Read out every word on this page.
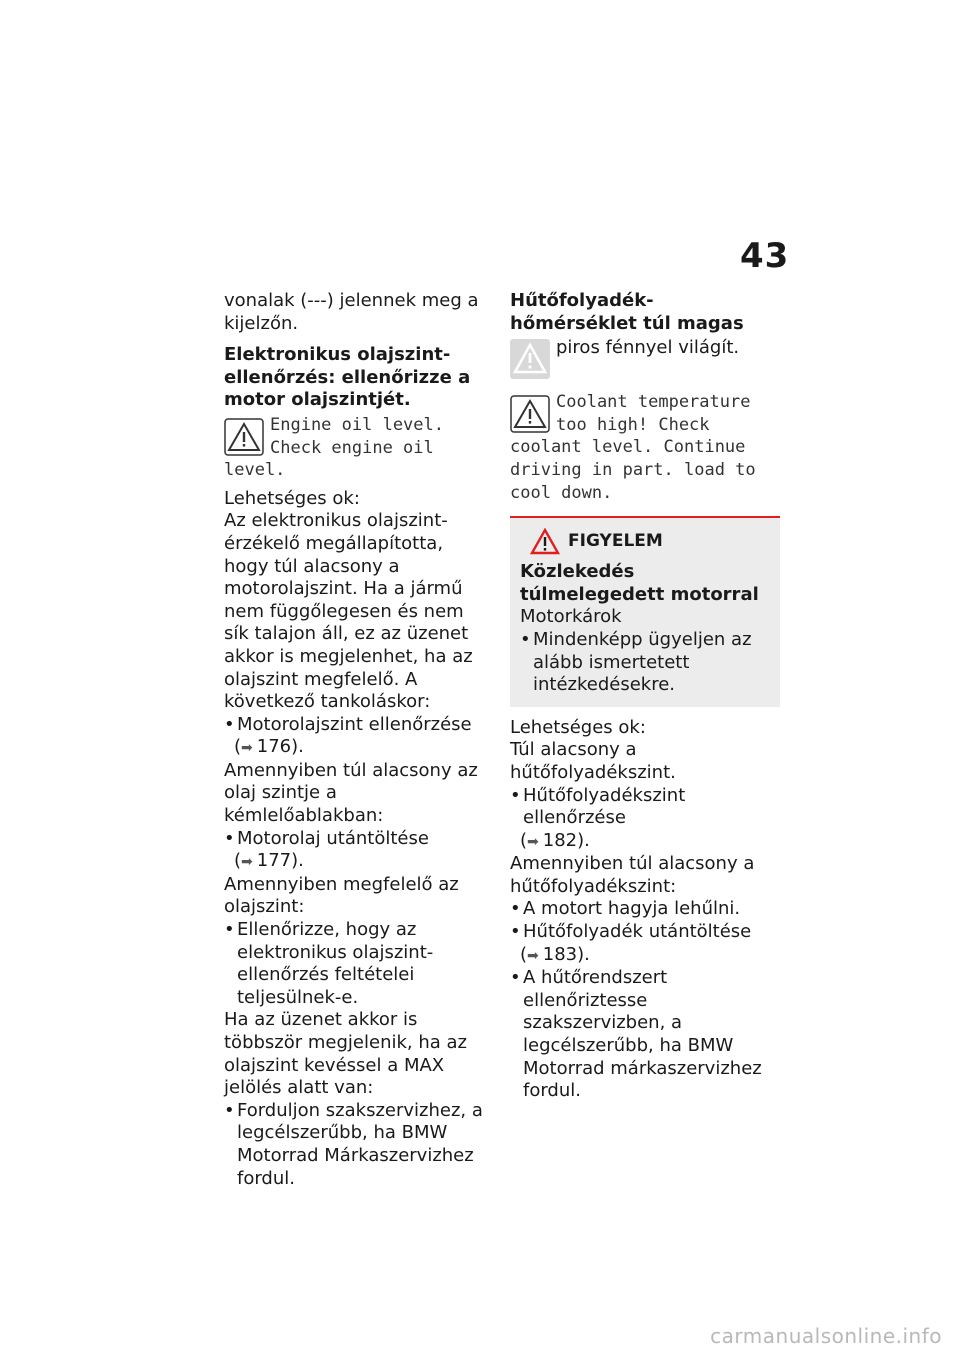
43

vonalak (---) jelennek meg a kijelzőn.

Elektronikus olajszint-ellenőrzés: ellenőrizze a motor olajszintjét.

Engine oil level. Check engine oil level.

Lehetséges ok:

Az elektronikus olajszint-érzékelő megállapította, hogy túl alacsony a motorolajszint. Ha a jármű nem függőlegesen és nem sík talajon áll, ez az üzenet akkor is megjelenhet, ha az olajszint megfelelő. A következő tankoláskor:

• Motorolajszint ellenőrzése

(➡ 176).

Amennyiben túl alacsony az olaj szintje a kémlelőablakban:

• Motorolaj utántöltése

(➡ 177).

Amennyiben megfelelő az olajszint:

• Ellenőrizze, hogy az elektronikus olajszint-ellenőrzés feltételei teljesülnek-e.

Ha az üzenet akkor is többször megjelenik, ha az olajszint kevéssel a MAX jelölés alatt van:

• Forduljon szakszervizhez, a legcélszerűbb, ha BMW Motorrad Márkaszervizhez fordul.

Hűtőfolyadék-hőmérséklet túl magas

piros fénnyel világít.
Coolant temperature too high! Check coolant level. Continue driving in part. load to cool down.
FIGYELEM

Közlekedés túlmelegedett motorral

Motorkárok

• Mindenképp ügyeljen az alább ismertetett intézkedésekre.

Lehetséges ok:

Túl alacsony a hűtőfolyadékszint.

• Hűtőfolyadékszint ellenőrzése

(➡ 182).

Amennyiben túl alacsony a hűtőfolyadékszint:

• A motort hagyja lehűlni.

• Hűtőfolyadék utántöltése

(➡ 183).

• A hűtőrendszert ellenőriztesse szakszervizben, a legcélszerűbb, ha BMW Motorrad márkaszervizhez fordul.

carmanualsonline.info
